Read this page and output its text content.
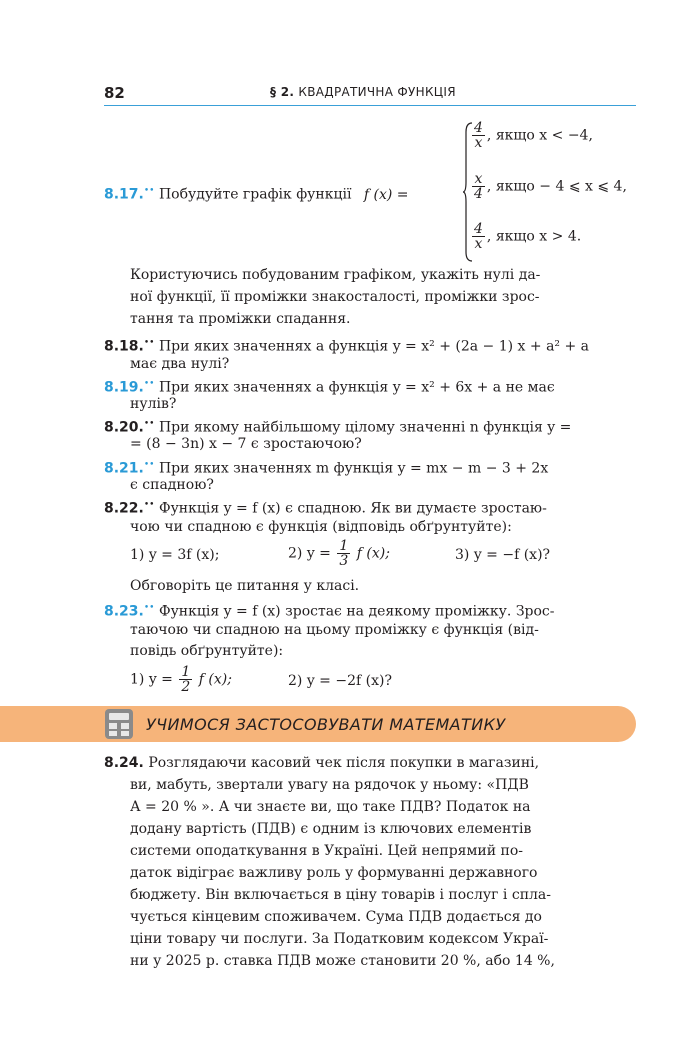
82	§ 2. КВАДРАТИЧНА ФУНКЦІЯ
8.17.•• Побудуйте графік функції f (x) =
$\frac{4}{x}$ , якщо x < −4,
$\frac{x}{4}$ , якщо − 4 ⩽ x ⩽ 4,
$\frac{4}{x}$ , якщо x > 4.
Користуючись побудованим графіком, укажіть нулі да-
ної функції, її проміжки знакосталості, проміжки зрос-
тання та проміжки спадання.
8.18.•• При яких значеннях a функція y = x² + (2a − 1) x + a² + a
має два нулі?
8.19.•• При яких значеннях a функція y = x² + 6x + a не має
нулів?
8.20.•• При якому найбільшому цілому значенні n функція y =
= (8 − 3n) x − 7 є зростаючою?
8.21.•• При яких значеннях m функція y = mx − m − 3 + 2x
є спадною?
8.22.•• Функція y = f (x) є спадною. Як ви думаєте зростаю-
чою чи спадною є функція (відповідь обґрунтуйте):
1) y = 3f (x);	2) $y = \frac{1}{3}$ f (x);	3) y = −f (x)?
Обговоріть це питання у класі.
8.23.•• Функція y = f (x) зростає на деякому проміжку. Зрос-
таючою чи спадною на цьому проміжку є функція (від-
повідь обґрунтуйте):
1) $y = \frac{1}{2}$ f (x);	2) y = −2f (x)?
УЧИМОСЯ ЗАСТОСОВУВАТИ МАТЕМАТИКУ
8.24. Розглядаючи касовий чек після покупки в магазині,
ви, мабуть, звертали увагу на рядочок у ньому: «ПДВ
А = 20 % ». А чи знаєте ви, що таке ПДВ? Податок на
додану вартість (ПДВ) є одним із ключових елементів
системи оподаткування в Україні. Цей непрямий по-
даток відіграє важливу роль у формуванні державного
бюджету. Він включається в ціну товарів і послуг і спла-
чується кінцевим споживачем. Сума ПДВ додається до
ціни товару чи послуги. За Податковим кодексом Украї-
ни у 2025 р. ставка ПДВ може становити 20 %, або 14 %,
